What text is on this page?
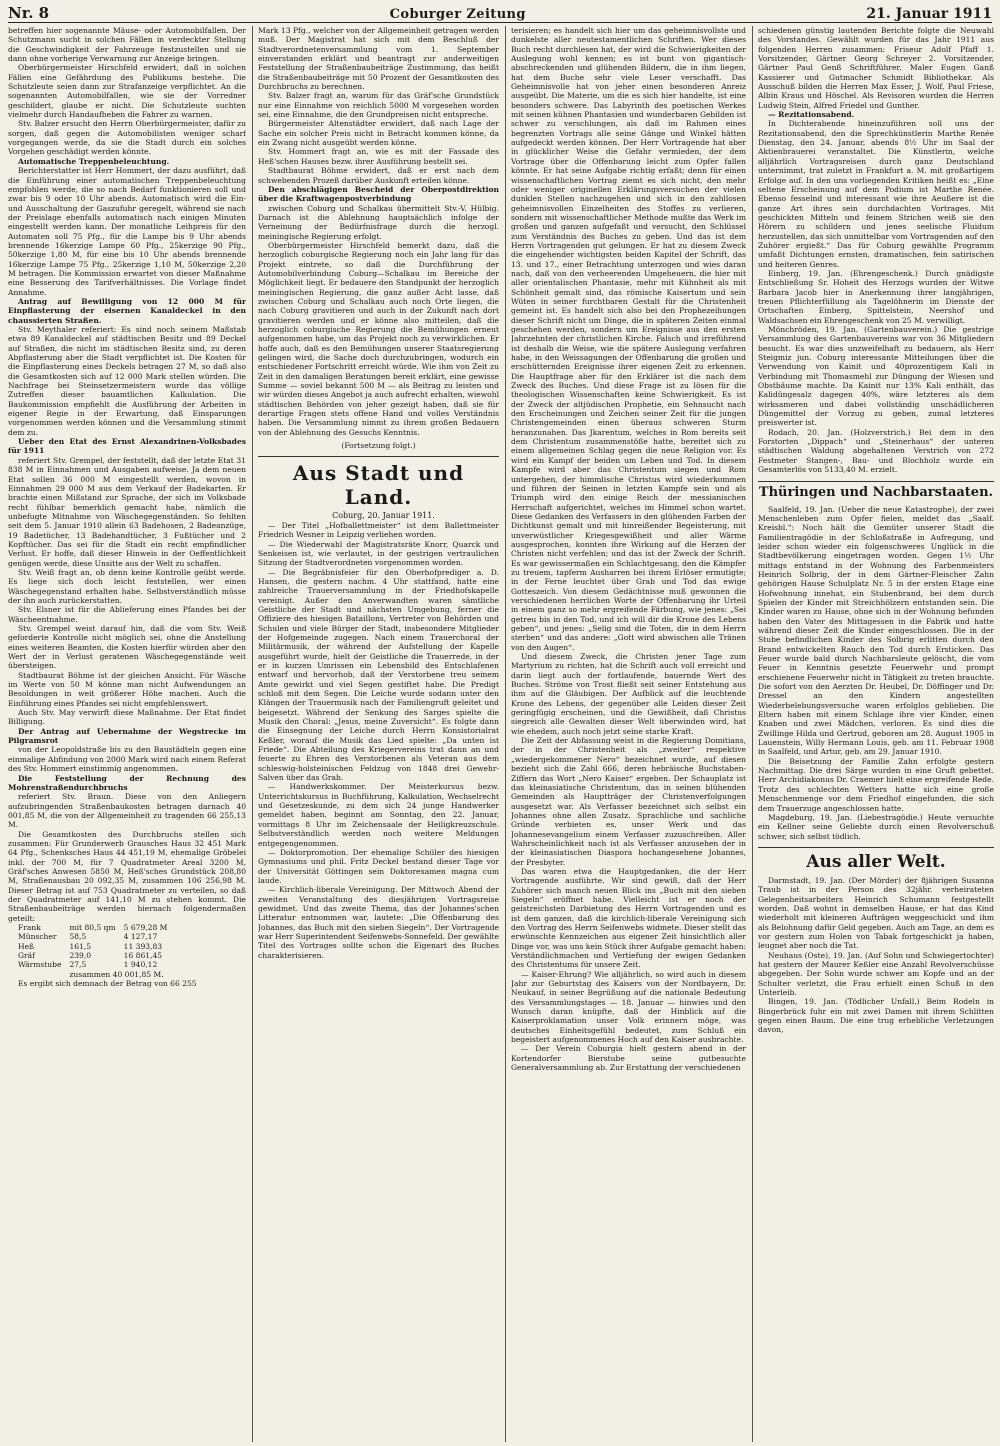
Nr. 8	Coburger Zeitung	21. Januar 1911

betreffen hier sogenannte Mäuse- oder Automobilfallen. Der Schutzmann sucht in solchen Fällen in verdeckter Stellung die Geschwindigkeit der Fahrzeuge festzustellen und sie dann ohne vorherige Verwarnung zur Anzeige bringen.

Oberbürgermeister Hirschfeld erwidert, daß in solchen Fällen eine Gefährdung des Publikums bestehe. Die Schutzleute seien dann zur Strafanzeige verpflichtet. An die sogenannten Automobilfallen, wie sie der Vorredner geschildert, glaube er nicht. Die Schutzleute suchten vielmehr durch Handaufheben die Fahrer zu warnen.

Stv. Balzer ersucht den Herrn Oberbürgermeister, dafür zu sorgen, daß gegen die Automobilisten weniger scharf vorgegangen werde, da sie die Stadt durch ein solches Vorgehen geschädigt werden könnte.

Automatische Treppenbeleuchtung.

Berichterstatter ist Herr Hommert, der dazu ausführt, daß die Einführung einer automatischen Treppenbeleuchtung empfohlen werde, die so nach Bedarf funktionieren soll und zwar bis 9 oder 10 Uhr abends. Automatisch wird die Ein- und Ausschaltung der Gaszufuhr geregelt, während sie nach der Preislage ebenfalls automatisch nach einigen Minuten eingestellt werden kann. Der monatliche Leihpreis für den Automaten soll 75 Pfg., für die Lampe bis 9 Uhr abends brennende 16kerzige Lampe 60 Pfg., 25kerzige 90 Pfg., 50kerzige 1,80 M, für eine bis 10 Uhr abends brennende 16kerzige Lampe 75 Pfg., 25kerzige 1,10 M, 50kerzige 2,20 M betragen. Die Kommission erwartet von dieser Maßnahme eine Besserung des Tarifverhältnisses. Die Vorlage findet Annahme.

Antrag auf Bewilligung von 12 000 M für Einpflasterung der eisernen Kanaldeckel in den chaussierten Straßen.

Stv. Meythaler referiert: Es sind noch seinem Maßstab etwa 89 Kanaldeckel auf städtischen Besitz und 89 Deckel auf Straßen, die nicht im städtischen Besitz sind, zu deren Abpflasterung aber die Stadt verpflichtet ist. Die Kosten für die Einpflasterung eines Deckels betragen 27 M, so daß also die Gesamtkosten sich auf 12 000 Mark stellen würden. Die Nachfrage bei Steinsetzermeistern wurde das völlige Zutreffen dieser bauamtlichen Kalkulation. Die Baukommission empfiehlt die Ausführung der Arbeiten in eigener Regie in der Erwartung, daß Einsparungen vorgenommen werden können und die Versammlung stimmt dem zu.

Ueber den Etat des Ernst Alexandrinen-Volksbades für 1911

referiert Stv. Grempel, der feststellt, daß der letzte Etat 31 838 M in Einnahmen und Ausgaben aufweise. Ja dem neuen Etat sollen 36 000 M eingestellt werden, wovon in Einnahmen 29 000 M aus dem Verkauf der Badekarten. Er brachte einen Mißstand zur Sprache, der sich im Volksbade recht fühlbar bemerklich gemacht habe, nämlich die unbefugte Mitnahme von Wäschegegenständen. So fehlten seit dem 5. Januar 1910 allein 63 Badehosen, 2 Badeanzüge, 19 Badetücher, 13 Badehandtücher, 3 Fußtücher und 2 Kopftücher. Das sei für die Stadt ein recht empfindlicher Verlust. Er hoffe, daß dieser Hinweis in der Oeffentlichkeit genügen werde, diese Unsitte aus der Welt zu schaffen.

Stv. Weiß fragt an, ob denn keine Kontrolle geübt werde. Es liege sich doch leicht feststellen, wer einen Wäschegegenstand erhalten habe. Selbstverständlich müsse der ihn auch zurückerstatten.

Stv. Elsner ist für die Ablieferung eines Pfandes bei der Wäscheentnahme.

Stv. Grempel weist darauf hin, daß die vom Stv. Weiß geforderte Kontrolle nicht möglich sei, ohne die Anstellung eines weiteren Beamten, die Kosten hierfür würden aber den Wert der in Verlust geratenen Wäschegegenstände weit übersteigen.

Stadtbaurat Böhme ist der gleichen Ansicht. Für Wäsche im Werte von 50 M könne man nicht Aufwendungen an Besoldungen in weit größerer Höhe machen. Auch die Einführung eines Pfandes sei nicht empfehlenswert.

Auch Stv. May verwirft diese Maßnahme. Der Etat findet Billigung.

Der Antrag auf Uebernahme der Wegstrecke im Pilgramsrot

von der Leopoldstraße bis zu den Baustädteln gegen eine einmalige Abfindung von 2000 Mark wird nach einem Referat des Stv. Hommert einstimmig angenommen.

Die Feststellung der Rechnung des Mohrenstraßendurchbruchs

referiert Stv. Braun. Diese von den Anliegern aufzubringenden Straßenbaukosten betragen darnach 40 001,85 M, die von der Allgemeinheit zu tragenden 66 255,13 M.

Die Gesamtkosten des Durchbruchs stellen sich zusammen: Für Grunderwerb Grausches Haus 32 451 Mark 64 Pfg., Schenksches Haus 44 451,19 M, ehemalige Gröbelei inkl. der 700 M, für 7 Quadratmeter Areal 3200 M, Gräf'sches Anwesen 5850 M, Heß'sches Grundstück 208,80 M, Straßenausbau 20 092,35 M, zusammen 106 256,98 M. Dieser Betrag ist auf 753 Quadratmeter zu verteilen, so daß der Quadratmeter auf 141,10 M zu stehen kommt. Die Straßenbaubeiträge werden hiernach folgendermaßen geteilt:

Frank	mit 80,5 qm	5 679,28 M
Münscher	58,5	4 127,17
Heß	161,5	11 393,83
Gräf	239,0	16 861,45
Wärmstube	27,5	1 940,12
	zusammen 40 001,85 M.	

Es ergibt sich demnach der Betrag von 66 255

Mark 13 Pfg., welcher von der Allgemeinheit getragen werden muß. Der Magistrat hat sich mit dem Beschluß der Stadtverordnetenversammlung vom 1. September einverstanden erklärt und beantragt zur anderweitigen Feststellung der Straßenbaubeiträge Zustimmung, das heißt die Straßenbaubeiträge mit 50 Prozent der Gesamtkosten des Durchbruchs zu berechnen.

Stv. Balzer fragt an, warum für das Gräf'sche Grundstück nur eine Einnahme von reichlich 5000 M vorgesehen worden sei, eine Einnahme, die den Grundpreisen nicht entspreche.

Bürgermeister Altenstädter erwidert, daß nach Lage der Sache ein solcher Preis nicht in Betracht kommen könne, da ein Zwang nicht ausgeübt werden könne.

Stv. Hommert fragt an, wie es mit der Fassade des Heß'schen Hauses bezw. ihrer Ausführung bestellt sei.

Stadtbaurat Böhme erwidert, daß er erst nach dem schwebenden Prozeß darüber Auskunft erteilen könne.

Den abschlägigen Bescheid der Oberpostdirektion über die Kraftwagenpostverbindung

zwischen Coburg und Schalkau übermittelt Stv.-V. Hülbig. Darnach ist die Ablehnung hauptsächlich infolge der Verneinung der Bedürfnisfrage durch die herzogl. meiningische Regierung erfolgt.

Oberbürgermeister Hirschfeld bemerkt dazu, daß die herzoglich coburgische Regierung noch ein Jahr lang für das Projekt eintrete, so daß die Durchführung der Automobilverbindung Coburg—Schalkau im Bereiche der Möglichkeit liegt. Er bedauere den Standpunkt der herzoglich meiningischen Regierung, die ganz außer Acht lasse, daß zwischen Coburg und Schalkau auch noch Orte liegen, die nach Coburg gravitieren und auch in der Zukunft nach dort gravitieren werden und er könne also mitteilen, daß die herzoglich coburgische Regierung die Bemühungen erneut aufgenommen habe, um das Projekt noch zu verwirklichen. Er hoffe auch, daß es den Bemühungen unserer Staatsregierung gelingen wird, die Sache doch durchzubringen, wodurch ein entschiedener Fortschritt erreicht würde. Wie ihm von Zeit zu Zeit in den damaligen Beratungen bereit erklärt, eine gewisse Summe — soviel bekannt 500 M — als Beitrag zu leisten und wir würden dieses Angebot ja auch aufrecht erhalten, wiewohl städtischen Behörden von jeher gezeigt haben, daß sie für derartige Fragen stets offene Hand und volles Verständnis haben. Die Versammlung nimmt zu ihrem großen Bedauern von der Ablehnung des Gesuchs Kenntnis.

(Fortsetzung folgt.)

Aus Stadt und Land.

Coburg, 20. Januar 1911.

— Der Titel „Hofballettmeister“ ist dem Ballettmeister Friedrich Wesner in Leipzig verliehen worden.

— Die Wiederwahl der Magistratsräte Knorr, Quarck und Senkeisen ist, wie verlautet, in der gestrigen vertraulichen Sitzung der Stadtverordneten vorgenommen worden.

— Die Begräbnisfeier für den Oberhofprediger a. D. Hansen, die gestern nachm. 4 Uhr stattfand, hatte eine zahlreiche Trauerversammlung in der Friedhofskapelle vereinigt. Außer den Anverwandten waren sämtliche Geistliche der Stadt und nächsten Umgebung, ferner die Offiziere des hiesigen Bataillons, Vertreter von Behörden und Schulen und viele Bürger der Stadt, insbesondere Mitglieder der Hofgemeinde zugegen. Nach einem Trauerchoral der Militärmusik, der während der Aufstellung der Kapelle ausgeführt wurde, hielt der Geistliche die Trauerrede, in der er in kurzen Umrissen ein Lebensbild des Entschlafenen entwarf und hervorhob, daß der Verstorbene treu seinem Amte gewirkt und viel Segen gestiftet habe. Die Predigt schloß mit dem Segen. Die Leiche wurde sodann unter den Klängen der Trauermusik nach der Familiengruft geleitet und beigesetzt. Während der Senkung des Sarges spielte die Musik den Choral: „Jesus, meine Zuversicht“. Es folgte dann die Einsegnung der Leiche durch Herrn Konsistorialrat Keßler, worauf die Musik das Lied spielte: „Da unten ist Friede“. Die Abteilung des Kriegervereins trat dann an und feuerte zu Ehren des Verstorbenen als Veteran aus dem schleswig-holsteinischen Feldzug von 1848 drei Gewehr-Salven über das Grab.

— Handwerkskommer. Der Meisterkursus bezw. Unterrichtskursus in Buchführung, Kalkulation, Wechselrecht und Gesetzeskunde, zu dem sich 24 junge Handwerker gemeldet haben, beginnt am Sonntag, den 22. Januar, vormittags 8 Uhr im Zeichensaale der Heiligkreuzschule. Selbstverständlich werden noch weitere Meldungen entgegengenommen.

— Doktorpromotion. Der ehemalige Schüler des hiesigen Gymnasiums und phil. Fritz Deckel bestand dieser Tage vor der Universität Göttingen sein Doktorexamen magna cum laude.

— Kirchlich-liberale Vereinigung. Der Mittwoch Abend der zweiten Veranstaltung des diesjährigen Vortragsreise gewidmet. Und das zweite Thema, das der Johannes'schen Litteratur entnommen war, lautete: „Die Offenbarung des Johannes, das Buch mit den sieben Siegeln“. Der Vortragende war Herr Superintendent Seifenwebs-Sonnefeld. Der gewählte Titel des Vortrages sollte schon die Eigenart des Buches charakterisieren.

terisieren; es handelt sich hier um das geheimnisvollste und dunkelste aller neutestamentlichen Schriften. Wer dieses Buch recht durchlesen hat, der wird die Schwierigkeiten der Auslegung wohl kennen; es ist bunt von gigantisch-abschreckenden und glühenden Bildern, die in ihm liegen, hat dem Buche sehr viele Leser verschafft. Das Geheimnisvolle hat von jeher einen besonderen Anreiz ausgeübt. Die Materie, um die es sich hier handelte, ist eine besonders schwere. Das Labyrinth des poetischen Werkes mit seinen kühnen Phantasien und wunderbaren Gebilden ist schwer zu verschlungen, als daß im Rahmen eines begrenzten Vortrags alle seine Gänge und Winkel hätten aufgedeckt werden können. Der Herr Vortragende hat aber in glücklicher Weise die Gefahr vermieden, der dem Vortrage über die Offenbarung leicht zum Opfer fallen könnte. Er hat seine Aufgabe richtig erfaßt; denn für einen wissenschaftlichen Vortrag ziemt es sich nicht, den mehr oder weniger originellen Erklärungsversuchen der vielen dunklen Stellen nachzugehen und sich in den zahllosen geheimnisvollen Einzelheiten des Stoffes zu verlieren, sondern mit wissenschaftlicher Methode mußte das Werk im großen und ganzen aufgefaßt und versucht, den Schlüssel zum Verständnis des Buches zu geben. Und das ist dem Herrn Vortragenden gut gelungen. Er hat zu diesem Zweck die eingehender wichtigsten beiden Kapitel der Schrift, das 13. und 17., einer Betrachtung unterzogen und wies daran nach, daß von den verheerenden Umgeheuern, die hier mit aller orientalischen Phantasie, mehr mit Kühnheit als mit Schönheit gemalt sind, das römische Kaisertum und sein Wüten in seiner furchtbaren Gestalt für die Christenheit gemeint ist. Es handelt sich also bei den Prophezeihungen dieser Schrift nicht um Dinge, die in späteren Zeiten einmal geschehen werden, sondern um Ereignisse aus den ersten Jahrzehnten der christlichen Kirche. Falsch und irreführend ist deshalb die Weise, wie die spätere Auslegung verfahren habe, in den Weissagungen der Offenbarung die großen und erschütternden Ereignisse ihrer eigenen Zeit zu erkennen. Die Hauptfrage aber für den Erklärer ist die nach dem Zweck des Buches. Und diese Frage ist zu lösen für die theologischen Wissenschaften keine Schwierigkeit. Es ist der Zweck der altjüdischen Prophetie, ein Sehnsucht nach den Erscheinungen und Zeichen seiner Zeit für die jungen Christengemeinden einen überaus schweren Sturm heranzunahen. Das Jkarentum, welches in Rom bereits seit dem Christentum zusammenstöße hatte, bereitet sich zu einem allgemeinen Schlag gegen die neue Religion vor. Es wird ein Kampf der beiden um Leben und Tod. In diesem Kampfe wird aber das Christentum siegen und Rom untergehen, der himmlische Christus wird wiederkommen und führen der Seinen in letzten Kampfe sein und als Triumph wird den einige Reich der messianischen Herrschaft aufgerichtet, welches im Himmel schon wartet. Diese Gedanken des Verfassers in den glühenden Farben der Dichtkunst gemalt und mit hinreißender Begeisterung, mit unverwüstlicher Kriegesgewißheit und aller Wärme ausgesprochen, konnten ihre Wirkung auf die Herzen der Christen nicht verfehlen; und das ist der Zweck der Schrift. Es war gewissermaßen ein Schlachtgesang, den die Kämpfer zu treuem, tapferm Ausharren bei ihrem Erlöser ermutigte; in der Ferne leuchtet über Grab und Tod das ewige Gotteszeich. Von diesem Gedächtnisse muß gewonnen die verschiedenen herrlichen Worte der Offenbarung ihr Urteil in einem ganz so mehr ergreifende Färbung, wie jenes: „Sei getreu bis in den Tod, und ich will dir die Krone des Lebens geben“, und jenes: „Selig sind die Toten, die in dem Herrn sterben“ und das andere: „Gott wird abwischen alle Tränen von den Augen“.

Und diesem Zweck, die Christen jener Tage zum Martyrium zu richten, hat die Schrift auch voll erreicht und darin liegt auch der fortlaufende, bauernde Wert des Buches. Ströme von Trost fließt seit seiner Entstehung aus ihm auf die Gläubigen. Der Aufblick auf die leuchtende Krone des Lebens, der gegenüber alle Leiden dieser Zeit geringfügig erscheinen, und die Gewißheit, daß Christus siegreich alle Gewalten dieser Welt überwinden wird, hat wie ehedem, auch noch jetzt seine starke Kraft.

Die Zeit der Abfassung weist in die Regierung Domitians, der in der Christenheit als „zweiter“ respektive „wiedergekommener Nero“ bezeichnet wurde, auf diesen bezieht sich die Zahl 666, deren hebräische Buchstaben-Ziffern das Wort „Nero Kaiser“ ergeben. Der Schauplatz ist das kleinasiatische Christentum, das in seinen blühenden Gemeinden als Hauptträger der Christenverfolgungen ausgesetzt war. Als Verfasser bezeichnet sich selbst ein Johannes ohne allen Zusatz. Sprachliche und sachliche Gründe verbieten es, unser Werk und das Johannesevangelium einem Verfasser zuzuschreiben. Aller Wahrscheinlichkeit nach ist als Verfasser anzusehen der in der kleinasiatischen Diaspora hochangesehene Johannes, der Presbyter.

Das waren etwa die Hauptgedanken, die der Herr Vortragende ausführte. Wir sind gewiß, daß der Herr Zuhörer sich manch neuen Blick ins „Buch mit den sieben Siegeln“ eröffnet habe. Vielleicht ist er noch der geistreichsten Darbietung des Herrn Vortragenden und es ist dem ganzen, daß die kirchlich-liberale Vereinigung sich den Vortrag des Herrn Seifenwebs widmete. Dieser stellt das erwünschte Kennzeichen aus eigener Zeit hinsichtlich aller Dinge vor, was uns kein Stück ihrer Aufgabe gemacht haben: Verständlichmachen und Vertiefung der ewigen Gedanken des Christentums für unsere Zeit.

— Kaiser-Ehrung? Wie alljährlich, so wird auch in diesem Jahr zur Geburtstag des Kaisers von der Nordbayern, Dr. Neukauf, in seiner Begrüßung auf die nationale Bedeutung des Versammlungstages — 18. Januar — hinwies und den Wunsch daran knüpfte, daß der Hinblick auf die Kaiserproklamation unser Volk erinnern möge, was deutsches Einheitsgefühl bedeutet, zum Schluß ein begeistert aufgenommenes Hoch auf den Kaiser ausbrachte.

— Der Verein Coburgia hielt gestern abend in der Kortendorfer Bierstube seine gutbesuchte Generalversammlung ab. Zur Erstattung der verschiedenen

schiedenen günstig lautenden Berichte folgte die Neuwahl des Vorstandes. Gewählt wurden für das Jahr 1911 aus folgenden Herren zusammen: Friseur Adolf Pfaff 1. Vorsitzender, Gärtner Georg Schreyer 2. Vorsitzender, Gärtner Paul Genß Schriftführer, Maler Eugen Ganß Kassierer und Gutmacher Schmidt Bibliothekar. Als Ausschuß bilden die Herren Max Esser, J. Wolf, Paul Friese, Albin Kraus und Höschel. Als Revisoren wurden die Herren Ludwig Stein, Alfred Friedel und Gunther.

— Rezitationsabend.

In Dichterabende hineinzuführen soll uns der Rezitationsabend, den die Sprechkünstlerin Marthe Renée Dienstag, den 24. Januar, abends 8½ Uhr im Saal der Aktienbrauerei veranstaltet. Die Künstlerin, welche alljährlich Vortragsreisen durch ganz Deutschland unternimmt, trat zuletzt in Frankfurt a. M. mit großartigem Erfolge auf. In den uns vorliegenden Kritiken heißt es: „Eine seltene Erscheinung auf dem Podium ist Marthe Renée. Ebenso fesselnd und interessant wie ihre Aeußere ist die ganze Art ihres sein durchdachten Vortrages. Mit geschickten Mitteln und feinem Strichen weiß sie den Hörern zu schildern und jenes seelische Fluidum herzustellen, das sich unmittelbar vom Vortragenden auf den Zuhörer ergießt.“ Das für Coburg gewählte Programm umfaßt Dichtungen ernsten, dramatischen, fein satirischen und heiteren Genres.

Einberg, 19. Jan. (Ehrengeschenk.) Durch gnädigste Entschließung Sr. Hoheit des Herzogs wurden der Witwe Barbara Jacob hier in Anerkennung ihrer langjährigen, treuen Pflichterfüllung als Tagelöhnerin im Dienste der Ortschaften Einberg, Spittelstein, Neershof und Waldsachsen ein Ehrengeschenk von 25 M. verwilligt.

Mönchröden, 19. Jan. (Gartenbauverein.) Die gestrige Versammlung des Gartenbauvereins war von 36 Mitgliedern besucht. Es war dies unzweifelhaft zu bedauern, als Herr Steigmiz jun. Coburg interessante Mitteilungen über die Verwendung von Kainit und 40prozentigem Kali in Verbindung mit Thomasmehl zur Düngung der Wiesen und Obstbäume machte. Da Kainit nur 13% Kali enthält, das Kalidüngesalz dagegen 40%, wäre letzteres als dem wirksameren und dabei vollständig unschädlicheren Düngemittel der Vorzug zu geben, zumal letzteres preiswerter ist.

Rodach, 20. Jan. (Holzverstrich.) Bei dem in den Forstorten „Dippach“ und „Steinerhaus“ der unteren städtischen Waldung abgehaltenen Verstrich von 272 Festmeter Stangen-, Bau- und Blochholz wurde ein Gesamterlös von 5133,40 M. erzielt.

Thüringen und Nachbarstaaten.

Saalfeld, 19. Jan. (Ueber die neue Katastrophe), der zwei Menschenleben zum Opfer fielen, meldet das „Saalf. Kreisbl.“: Noch hält die Gemüter unserer Stadt die Familientragödie in der Schloßstraße in Aufregung, und leider schon wieder ein folgenschweres Unglück in die Stadtbevölkerung eingetragen worden. Gegen 1½ Uhr mittags entstand in der Wohnung des Farbenmeisters Heinrich Solbrig, der in dem Gärtner-Fleischer Zahn gehörigen Hause Schulplatz Nr. 5 in der ersten Etage eine Hofwohnung innehat, ein Stubenbrand, bei dem durch Spielen der Kinder mit Streichhölzern entstanden sein. Die Kinder waren zu Hause, ohne sich in der Wohnung befunden haben den Vater des Mittagessen in die Fabrik und hatte während dieser Zeit die Kinder eingeschlossen. Die in der Stube befindlichen Kinder des Solbrig erlitten durch den Brand entwickelten Rauch den Tod durch Ersticken. Das Feuer wurde bald durch Nachbarsleute gelöscht, die vom Feuer in Kenntnis gesetzte Feuerwehr und prompt erschienene Feuerwehr nicht in Tätigkeit zu treten brauchte. Die sofort von den Aerzten Dr. Heubel, Dr. Döffinger und Dr. Dressel an den Kindern angestellten Wiederbelebungsversuche waren erfolglos geblieben. Die Eltern haben mit einem Schlage ihre vier Kinder, einen Knaben und zwei Mädchen, verloren. Es sind dies die Zwillinge Hilda und Gertrud, geboren am 28. August 1905 in Lauenstein, Willy Hermann Louis, geb. am 11. Februar 1908 in Saalfeld, und Artur, geb. am 29. Januar 1910.

Die Beisetzung der Familie Zahn erfolgte gestern Nachmittag. Die drei Särge wurden in eine Gruft gebettet. Herr Archidiakonus Dr. Craemer hielt eine ergreifende Rede. Trotz des schlechten Wetters hatte sich eine große Menschenmenge vor dem Friedhof eingefunden, die sich dem Trauerzuge angeschlossen hatte.

Magdeburg, 19. Jan. (Liebestragödie.) Heute versuchte ein Kellner seine Geliebte durch einen Revolverschuß schwer, sich selbst tödlich.

Aus aller Welt.

Darmstadt, 19. Jan. (Der Mörder) der 8jährigen Susanna Traub ist in der Person des 32jähr. verheirateten Gelegenheitsarbeiters Heinrich Schumann festgestellt worden. Daß wohnt in demselben Hause, er hat das Kind wiederholt mit kleineren Aufträgen weggeschickt und ihm als Belohnung dafür Geld gegeben. Auch am Tage, an dem es vor gestern zum Holen von Tabak fortgeschickt ja haben, leugnet aber noch die Tat.

Neuhaus (Oste), 19. Jan. (Auf Sohn und Schwiegertochter) hat gestern der Maurer Keßler eine Anzahl Revolverschüsse abgegeben. Der Sohn wurde schwer am Kopfe und an der Schulter verletzt, die Frau erhielt einen Schuß in den Unterleib.

Bingen, 19. Jan. (Tödlicher Unfall.) Beim Rodeln in Bingerbrück fuhr ein mit zwei Damen mit ihrem Schlitten gegen einen Baum. Die eine trug erhebliche Verletzungen davon,
